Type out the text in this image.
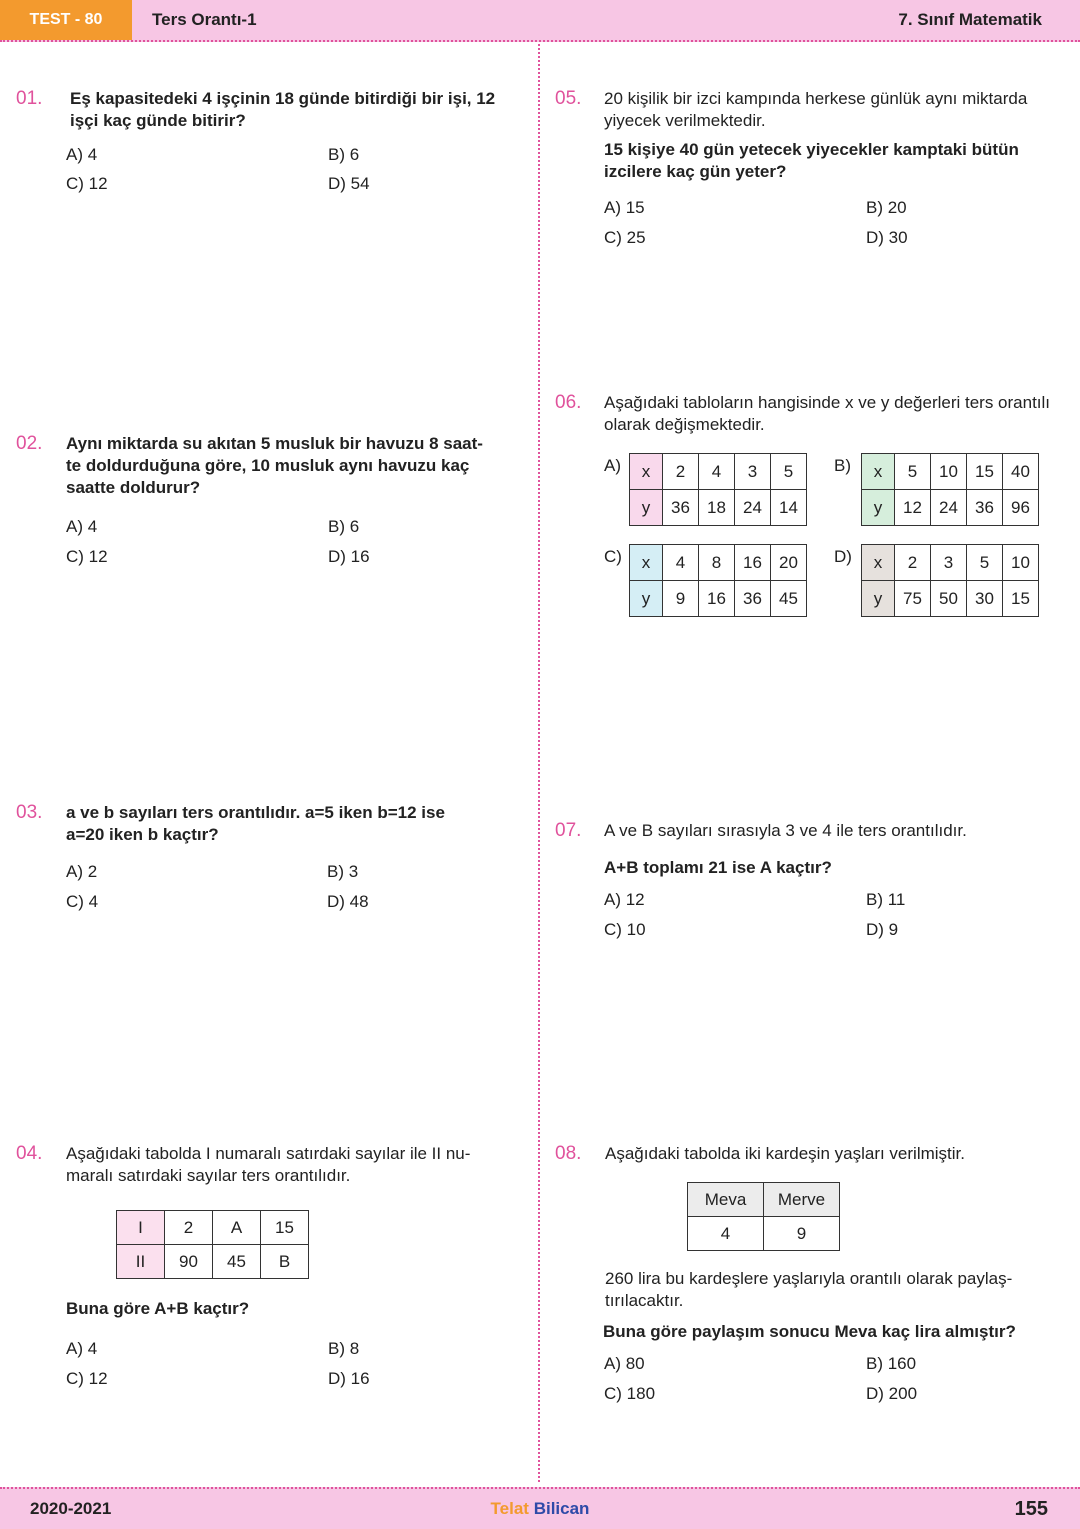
TEST - 80	Ters Orantı-1	7. Sınıf Matematik
01. Eş kapasitedeki 4 işçinin 18 günde bitirdiği bir işi, 12 işçi kaç günde bitirir?
A) 4	B) 6
C) 12	D) 54
02. Aynı miktarda su akıtan 5 musluk bir havuzu 8 saat-
te doldurduğuna göre, 10 musluk aynı havuzu kaç
saatte doldurur?
A) 4	B) 6
C) 12	D) 16
03. a ve b sayıları ters orantılıdır. a=5 iken b=12 ise a=20 iken b kaçtır?
A) 2	B) 3
C) 4	D) 48
04. Aşağıdaki tabolda I numaralı satırdaki sayılar ile II nu-
maralı satırdaki sayılar ters orantılıdır.
I	2	A	15
II	90	45	B
Buna göre A+B kaçtır?
A) 4	B) 8
C) 12	D) 16
05. 20 kişilik bir izci kampında herkese günlük aynı miktarda yiyecek verilmektedir.
15 kişiye 40 gün yetecek yiyecekler kamptaki bütün izcilere kaç gün yeter?
A) 15	B) 20
C) 25	D) 30
06. Aşağıdaki tabloların hangisinde x ve y değerleri ters orantılı olarak değişmektedir.
A) x	2	4	3	5
y	36	18	24	14
B) x	5	10	15	40
y	12	24	36	96
C) x	4	8	16	20
y	9	16	36	45
D) x	2	3	5	10
y	75	50	30	15
07. A ve B sayıları sırasıyla 3 ve 4 ile ters orantılıdır.
A+B toplamı 21 ise A kaçtır?
A) 12	B) 11
C) 10	D) 9
08. Aşağıdaki tabolda iki kardeşin yaşları verilmiştir.
Meva	Merve
4	9
260 lira bu kardeşlere yaşlarıyla orantılı olarak paylaş-
tırılacaktır.
Buna göre paylaşım sonucu Meva kaç lira almıştır?
A) 80	B) 160
C) 180	D) 200
2020-2021	Telat Bilican	155
